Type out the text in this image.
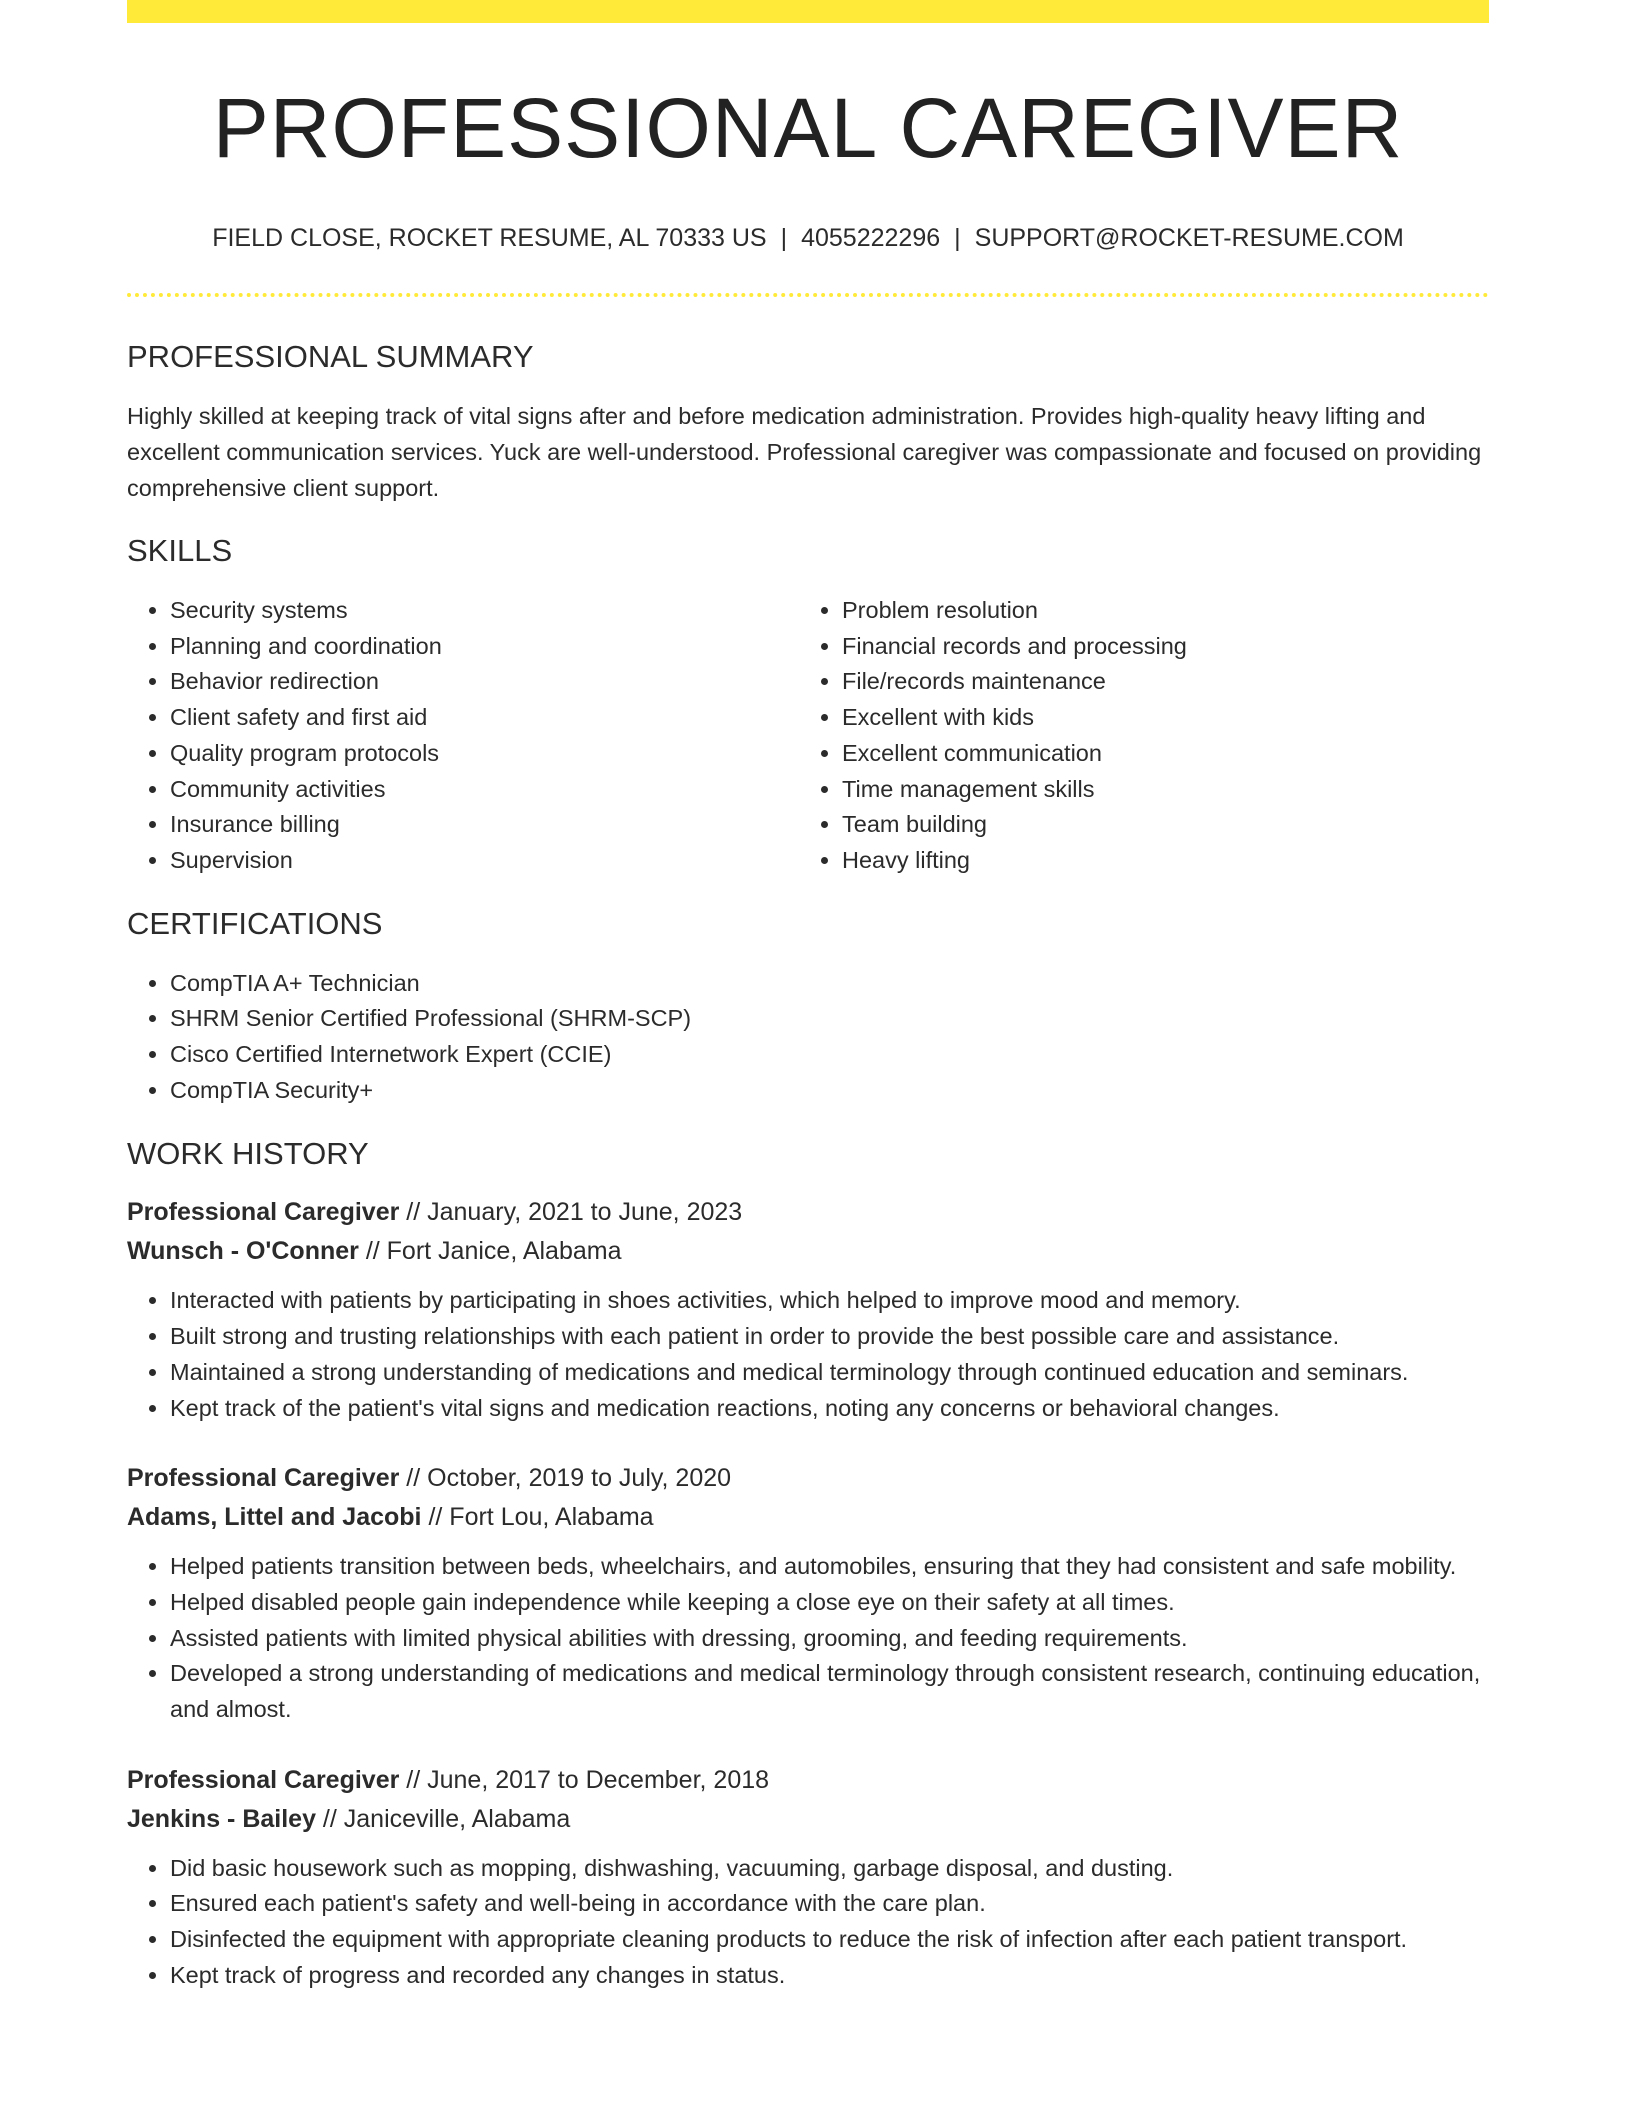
PROFESSIONAL CAREGIVER
FIELD CLOSE, ROCKET RESUME, AL 70333 US | 4055222296 | SUPPORT@ROCKET-RESUME.COM
PROFESSIONAL SUMMARY

Highly skilled at keeping track of vital signs after and before medication administration. Provides high-quality heavy lifting and excellent communication services. Yuck are well-understood. Professional caregiver was compassionate and focused on providing comprehensive client support.

SKILLS
• Security systems
• Planning and coordination
• Behavior redirection
• Client safety and first aid
• Quality program protocols
• Community activities
• Insurance billing
• Supervision
• Problem resolution
• Financial records and processing
• File/records maintenance
• Excellent with kids
• Excellent communication
• Time management skills
• Team building
• Heavy lifting
CERTIFICATIONS
• CompTIA A+ Technician
• SHRM Senior Certified Professional (SHRM-SCP)
• Cisco Certified Internetwork Expert (CCIE)
• CompTIA Security+
WORK HISTORY
Professional Caregiver // January, 2021 to June, 2023
Wunsch - O'Conner // Fort Janice, Alabama
• Interacted with patients by participating in shoes activities, which helped to improve mood and memory.
• Built strong and trusting relationships with each patient in order to provide the best possible care and assistance.
• Maintained a strong understanding of medications and medical terminology through continued education and seminars.
• Kept track of the patient's vital signs and medication reactions, noting any concerns or behavioral changes.
Professional Caregiver // October, 2019 to July, 2020
Adams, Littel and Jacobi // Fort Lou, Alabama
• Helped patients transition between beds, wheelchairs, and automobiles, ensuring that they had consistent and safe mobility.
• Helped disabled people gain independence while keeping a close eye on their safety at all times.
• Assisted patients with limited physical abilities with dressing, grooming, and feeding requirements.
• Developed a strong understanding of medications and medical terminology through consistent research, continuing education, and almost.
Professional Caregiver // June, 2017 to December, 2018
Jenkins - Bailey // Janiceville, Alabama
• Did basic housework such as mopping, dishwashing, vacuuming, garbage disposal, and dusting.
• Ensured each patient's safety and well-being in accordance with the care plan.
• Disinfected the equipment with appropriate cleaning products to reduce the risk of infection after each patient transport.
• Kept track of progress and recorded any changes in status.
